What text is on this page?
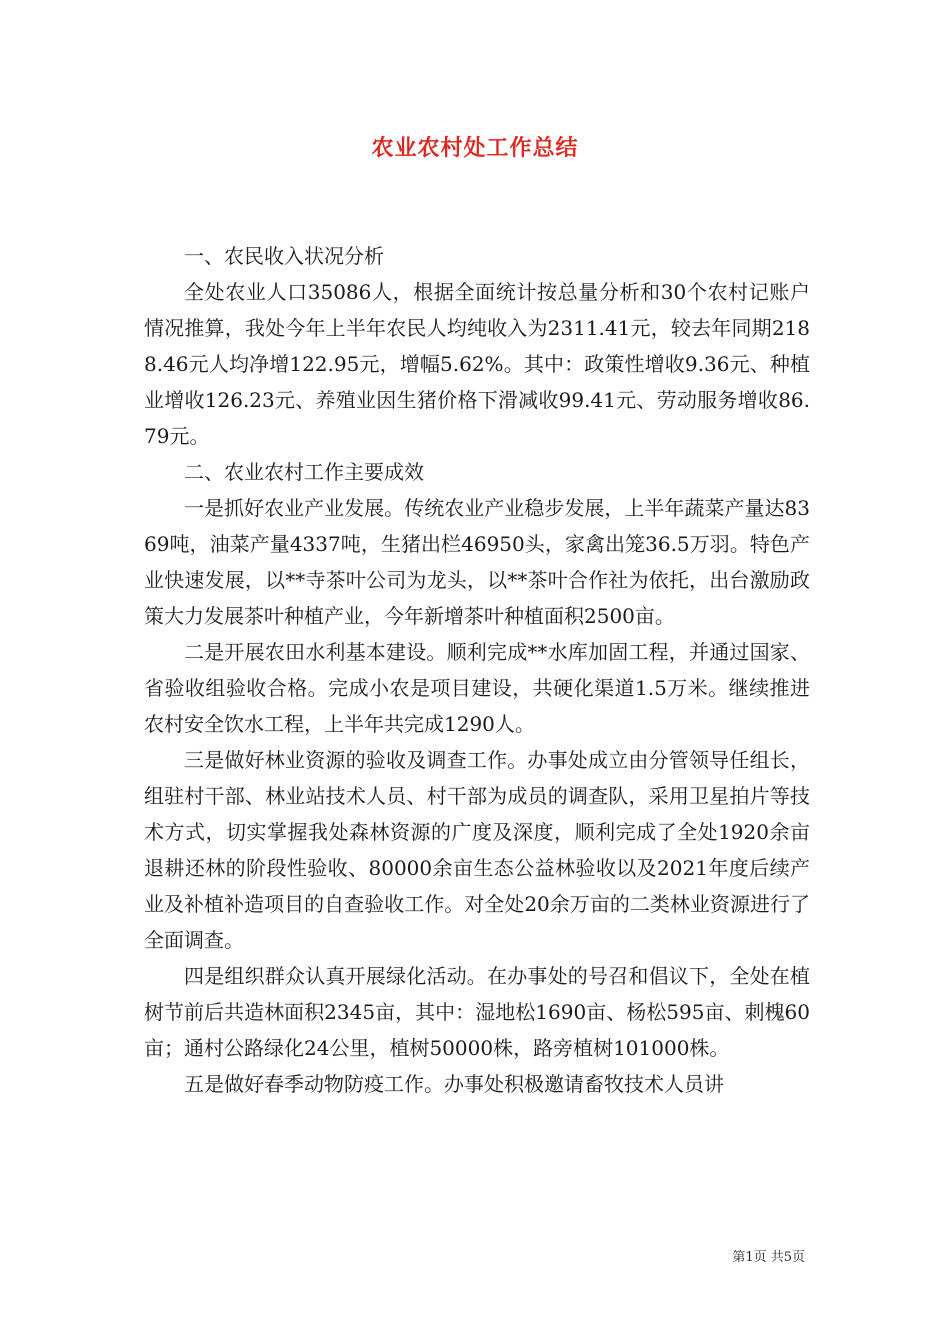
农业农村处工作总结

一、农民收入状况分析

全处农业人口35086人，根据全面统计按总量分析和30个农村记账户情况推算，我处今年上半年农民人均纯收入为2311.41元，较去年同期2188.46元人均净增122.95元，增幅5.62%。其中：政策性增收9.36元、种植业增收126.23元、养殖业因生猪价格下滑减收99.41元、劳动服务增收86.79元。

二、农业农村工作主要成效

一是抓好农业产业发展。传统农业产业稳步发展，上半年蔬菜产量达8369吨，油菜产量4337吨，生猪出栏46950头，家禽出笼36.5万羽。特色产业快速发展，以**寺茶叶公司为龙头，以**茶叶合作社为依托，出台激励政策大力发展茶叶种植产业，今年新增茶叶种植面积2500亩。

二是开展农田水利基本建设。顺利完成**水库加固工程，并通过国家、省验收组验收合格。完成小农是项目建设，共硬化渠道1.5万米。继续推进农村安全饮水工程，上半年共完成1290人。

三是做好林业资源的验收及调查工作。办事处成立由分管领导任组长，组驻村干部、林业站技术人员、村干部为成员的调查队，采用卫星拍片等技术方式，切实掌握我处森林资源的广度及深度，顺利完成了全处1920余亩退耕还林的阶段性验收、80000余亩生态公益林验收以及2021年度后续产业及补植补造项目的自查验收工作。对全处20余万亩的二类林业资源进行了全面调查。

四是组织群众认真开展绿化活动。在办事处的号召和倡议下，全处在植树节前后共造林面积2345亩，其中：湿地松1690亩、杨松595亩、刺槐60亩；通村公路绿化24公里，植树50000株，路旁植树101000株。

五是做好春季动物防疫工作。办事处积极邀请畜牧技术人员讲

第1页 共5页
